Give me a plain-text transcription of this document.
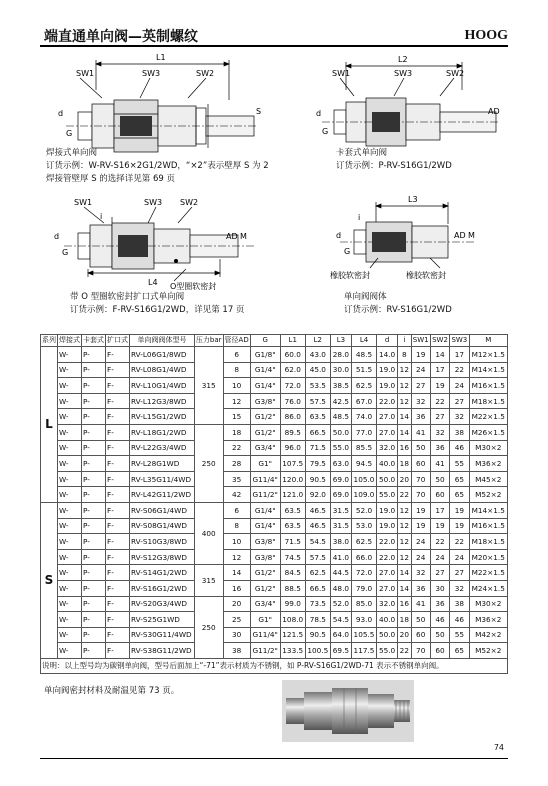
端直通单向阀—英制螺纹	HOOG
L1
SW1	SW3	SW2
d
G
S
焊接式单向阀
订货示例：W-RV-S16×2G1/2WD，“×2”表示壁厚 S 为 2
焊接管壁厚 S 的选择详见第 69 页
L2
SW1	SW3	SW2
d
G
AD
卡套式单向阀
订货示例：P-RV-S16G1/2WD
SW1	SW3 SW2
d
G
AD M
i
L4 O型圈软密封
带 O 型圈软密封扩口式单向阀
订货示例：F-RV-S16G1/2WD，详见第 17 页
L3
i
d
G
AD M
橡胶软密封	橡胶软密封
单向阀阀体
订货示例：RV-S16G1/2WD
系列	焊接式	卡套式	扩口式	单向阀阀体型号	压力bar	管径AD	G	L1	L2	L3	L4	d	i	SW1	SW2	SW3	M
L	W-	P-	F-	RV-L06G1/8WD	315	6	G1/8"	60.0	43.0	28.0	48.5	14.0	8	19	14	17	M12×1.5
	W-	P-	F-	RV-L08G1/4WD		8	G1/4"	62.0	45.0	30.0	51.5	19.0	12	24	17	22	M14×1.5
	W-	P-	F-	RV-L10G1/4WD		10	G1/4"	72.0	53.5	38.5	62.5	19.0	12	27	19	24	M16×1.5
	W-	P-	F-	RV-L12G3/8WD		12	G3/8"	76.0	57.5	42.5	67.0	22.0	12	32	22	27	M18×1.5
	W-	P-	F-	RV-L15G1/2WD		15	G1/2"	86.0	63.5	48.5	74.0	27.0	14	36	27	32	M22×1.5
	W-	P-	F-	RV-L18G1/2WD	250	18	G1/2"	89.5	66.5	50.0	77.0	27.0	14	41	32	38	M26×1.5
	W-	P-	F-	RV-L22G3/4WD		22	G3/4"	96.0	71.5	55.0	85.5	32.0	16	50	36	46	M30×2
	W-	P-	F-	RV-L28G1WD		28	G1"	107.5	79.5	63.0	94.5	40.0	18	60	41	55	M36×2
	W-	P-	F-	RV-L35G11/4WD		35	G11/4"	120.0	90.5	69.0	105.0	50.0	20	70	50	65	M45×2
	W-	P-	F-	RV-L42G11/2WD		42	G11/2"	121.0	92.0	69.0	109.0	55.0	22	70	60	65	M52×2
S	W-	P-	F-	RV-S06G1/4WD	400	6	G1/4"	63.5	46.5	31.5	52.0	19.0	12	19	17	19	M14×1.5
	W-	P-	F-	RV-S08G1/4WD		8	G1/4"	63.5	46.5	31.5	53.0	19.0	12	19	19	19	M16×1.5
	W-	P-	F-	RV-S10G3/8WD		10	G3/8"	71.5	54.5	38.0	62.5	22.0	12	24	22	22	M18×1.5
	W-	P-	F-	RV-S12G3/8WD		12	G3/8"	74.5	57.5	41.0	66.0	22.0	12	24	24	24	M20×1.5
	W-	P-	F-	RV-S14G1/2WD	315	14	G1/2"	84.5	62.5	44.5	72.0	27.0	14	32	27	27	M22×1.5
	W-	P-	F-	RV-S16G1/2WD		16	G1/2"	88.5	66.5	48.0	79.0	27.0	14	36	30	32	M24×1.5
	W-	P-	F-	RV-S20G3/4WD	250	20	G3/4"	99.0	73.5	52.0	85.0	32.0	16	41	36	38	M30×2
	W-	P-	F-	RV-S25G1WD		25	G1"	108.0	78.5	54.5	93.0	40.0	18	50	46	46	M36×2
	W-	P-	F-	RV-S30G11/4WD		30	G11/4"	121.5	90.5	64.0	105.5	50.0	20	60	50	55	M42×2
	W-	P-	F-	RV-S38G11/2WD		38	G11/2"	133.5	100.5	69.5	117.5	55.0	22	70	60	65	M52×2
说明：以上型号均为碳钢单向阀，型号后面加上“-71”表示材质为不锈钢，如 P-RV-S16G1/2WD-71 表示不锈钢单向阀。																	
单向阀密封材料及耐温见第 73 页。
74
